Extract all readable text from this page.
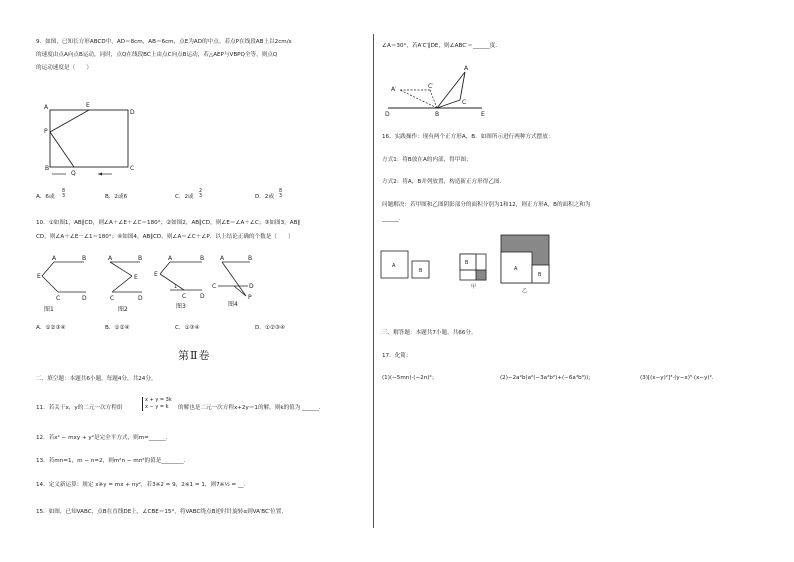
9．如图，已知长方形ABCD中，AD＝8cm，AB＝6cm，点E为AD的中点。若点P在线段AB上以2cm/s
的速度由点A向点B运动，同时，点Q在线段BC上由点C向点B运动，若△AEP与VBPQ全等，则点Q
的运动速度是（　　）
A	E
D
P
B
Q
C
A．6或
8
3	B．2或6	C．2或
2
3	D．2或
8
3
10．①如图1，AB∥CD，则∠A＋∠E＋∠C＝180°；②如图2，AB∥CD，则∠E＝∠A＋∠C；③如图3，AB∥
CD，则∠A＋∠E－∠1＝180°；④如图4，AB∥CD，则∠A＝∠C＋∠P．以上结论正确的个数是（　　）
A	B
E
C	D
图1
A	B
E
C	D
图2
A	B
E
1
C D
图3
A	B
C	D
P
图4
A．①②③④	B．①②④	C．①③④	D．①②③④
第Ⅱ卷
二、填空题：本题共6小题，每题4分，共24分。
11．若关于x，y的二元一次方程组
x + y = 3k
x − y = k	的解也是二元一次方程x+2y＝1的解，则k的值为 ______.
12．若x² − mxy + y²是完全平方式，则m=______.
13．若mn=1，m − n=2，则m²n − mn²的值是________.
14．定义新运算：规定 x※y = mx + ny²，若3※2 = 9，2※1 = 1，则7※½ = __.
15．如图，已知VABC，点B在直线DE上，∠CBE＝15°，将VABC绕点B逆时针旋转α到VA′BC′位置，
∠A＝30°，若A′C′∥DE，则∠ABC′＝______度．
A
A′	C′
C
D	B	E
16．实践操作：现有两个正方形A，B．如图所示进行两种方式摆放：
方式1：将B放在A的内部，得甲图；
方式2：将A，B并列放置，构造新正方形得乙图．
问题解决：若甲图和乙图阴影部分的面积分别为1和12，则正方形A，B的面积之和为
______.
A
B
B
甲
A
B
乙
三、解答题：本题共7小题，共66分。
17．化简：
(1)(−5mn)·(−2n)²；	(2)−2a²b(a²(−3a²b²)+(−6a⁴b³))；	(3)[(x−y)²]³·(y−x)⁵·(x−y)².
